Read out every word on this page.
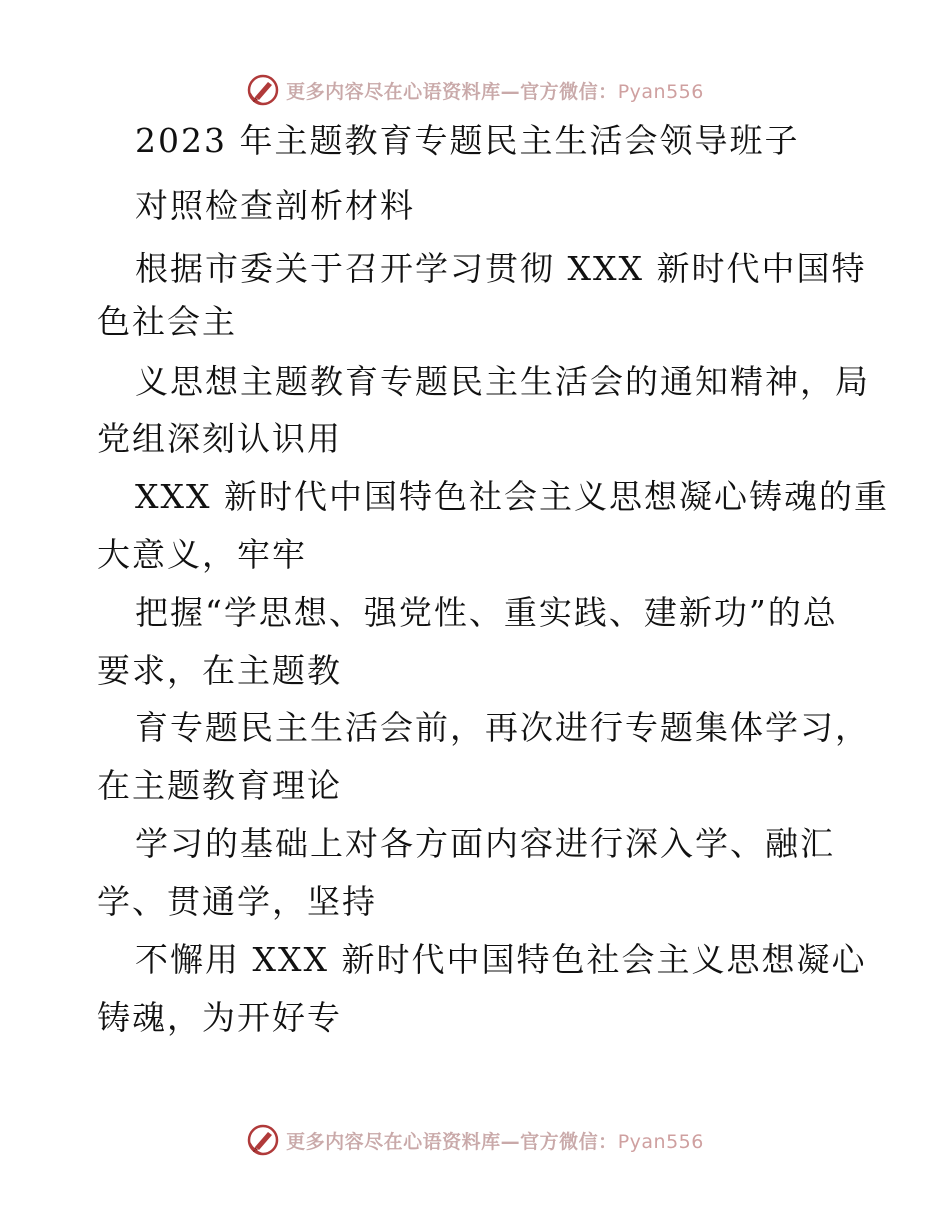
更多内容尽在心语资料库—官方微信：Pyan556
2023 年主题教育专题民主生活会领导班子
对照检查剖析材料
根据市委关于召开学习贯彻 XXX 新时代中国特
色社会主
义思想主题教育专题民主生活会的通知精神，局
党组深刻认识用
XXX 新时代中国特色社会主义思想凝心铸魂的重
大意义，牢牢
把握“学思想、强党性、重实践、建新功”的总
要求，在主题教
育专题民主生活会前，再次进行专题集体学习，
在主题教育理论
学习的基础上对各方面内容进行深入学、融汇
学、贯通学，坚持
不懈用 XXX 新时代中国特色社会主义思想凝心
铸魂，为开好专
更多内容尽在心语资料库—官方微信：Pyan556
